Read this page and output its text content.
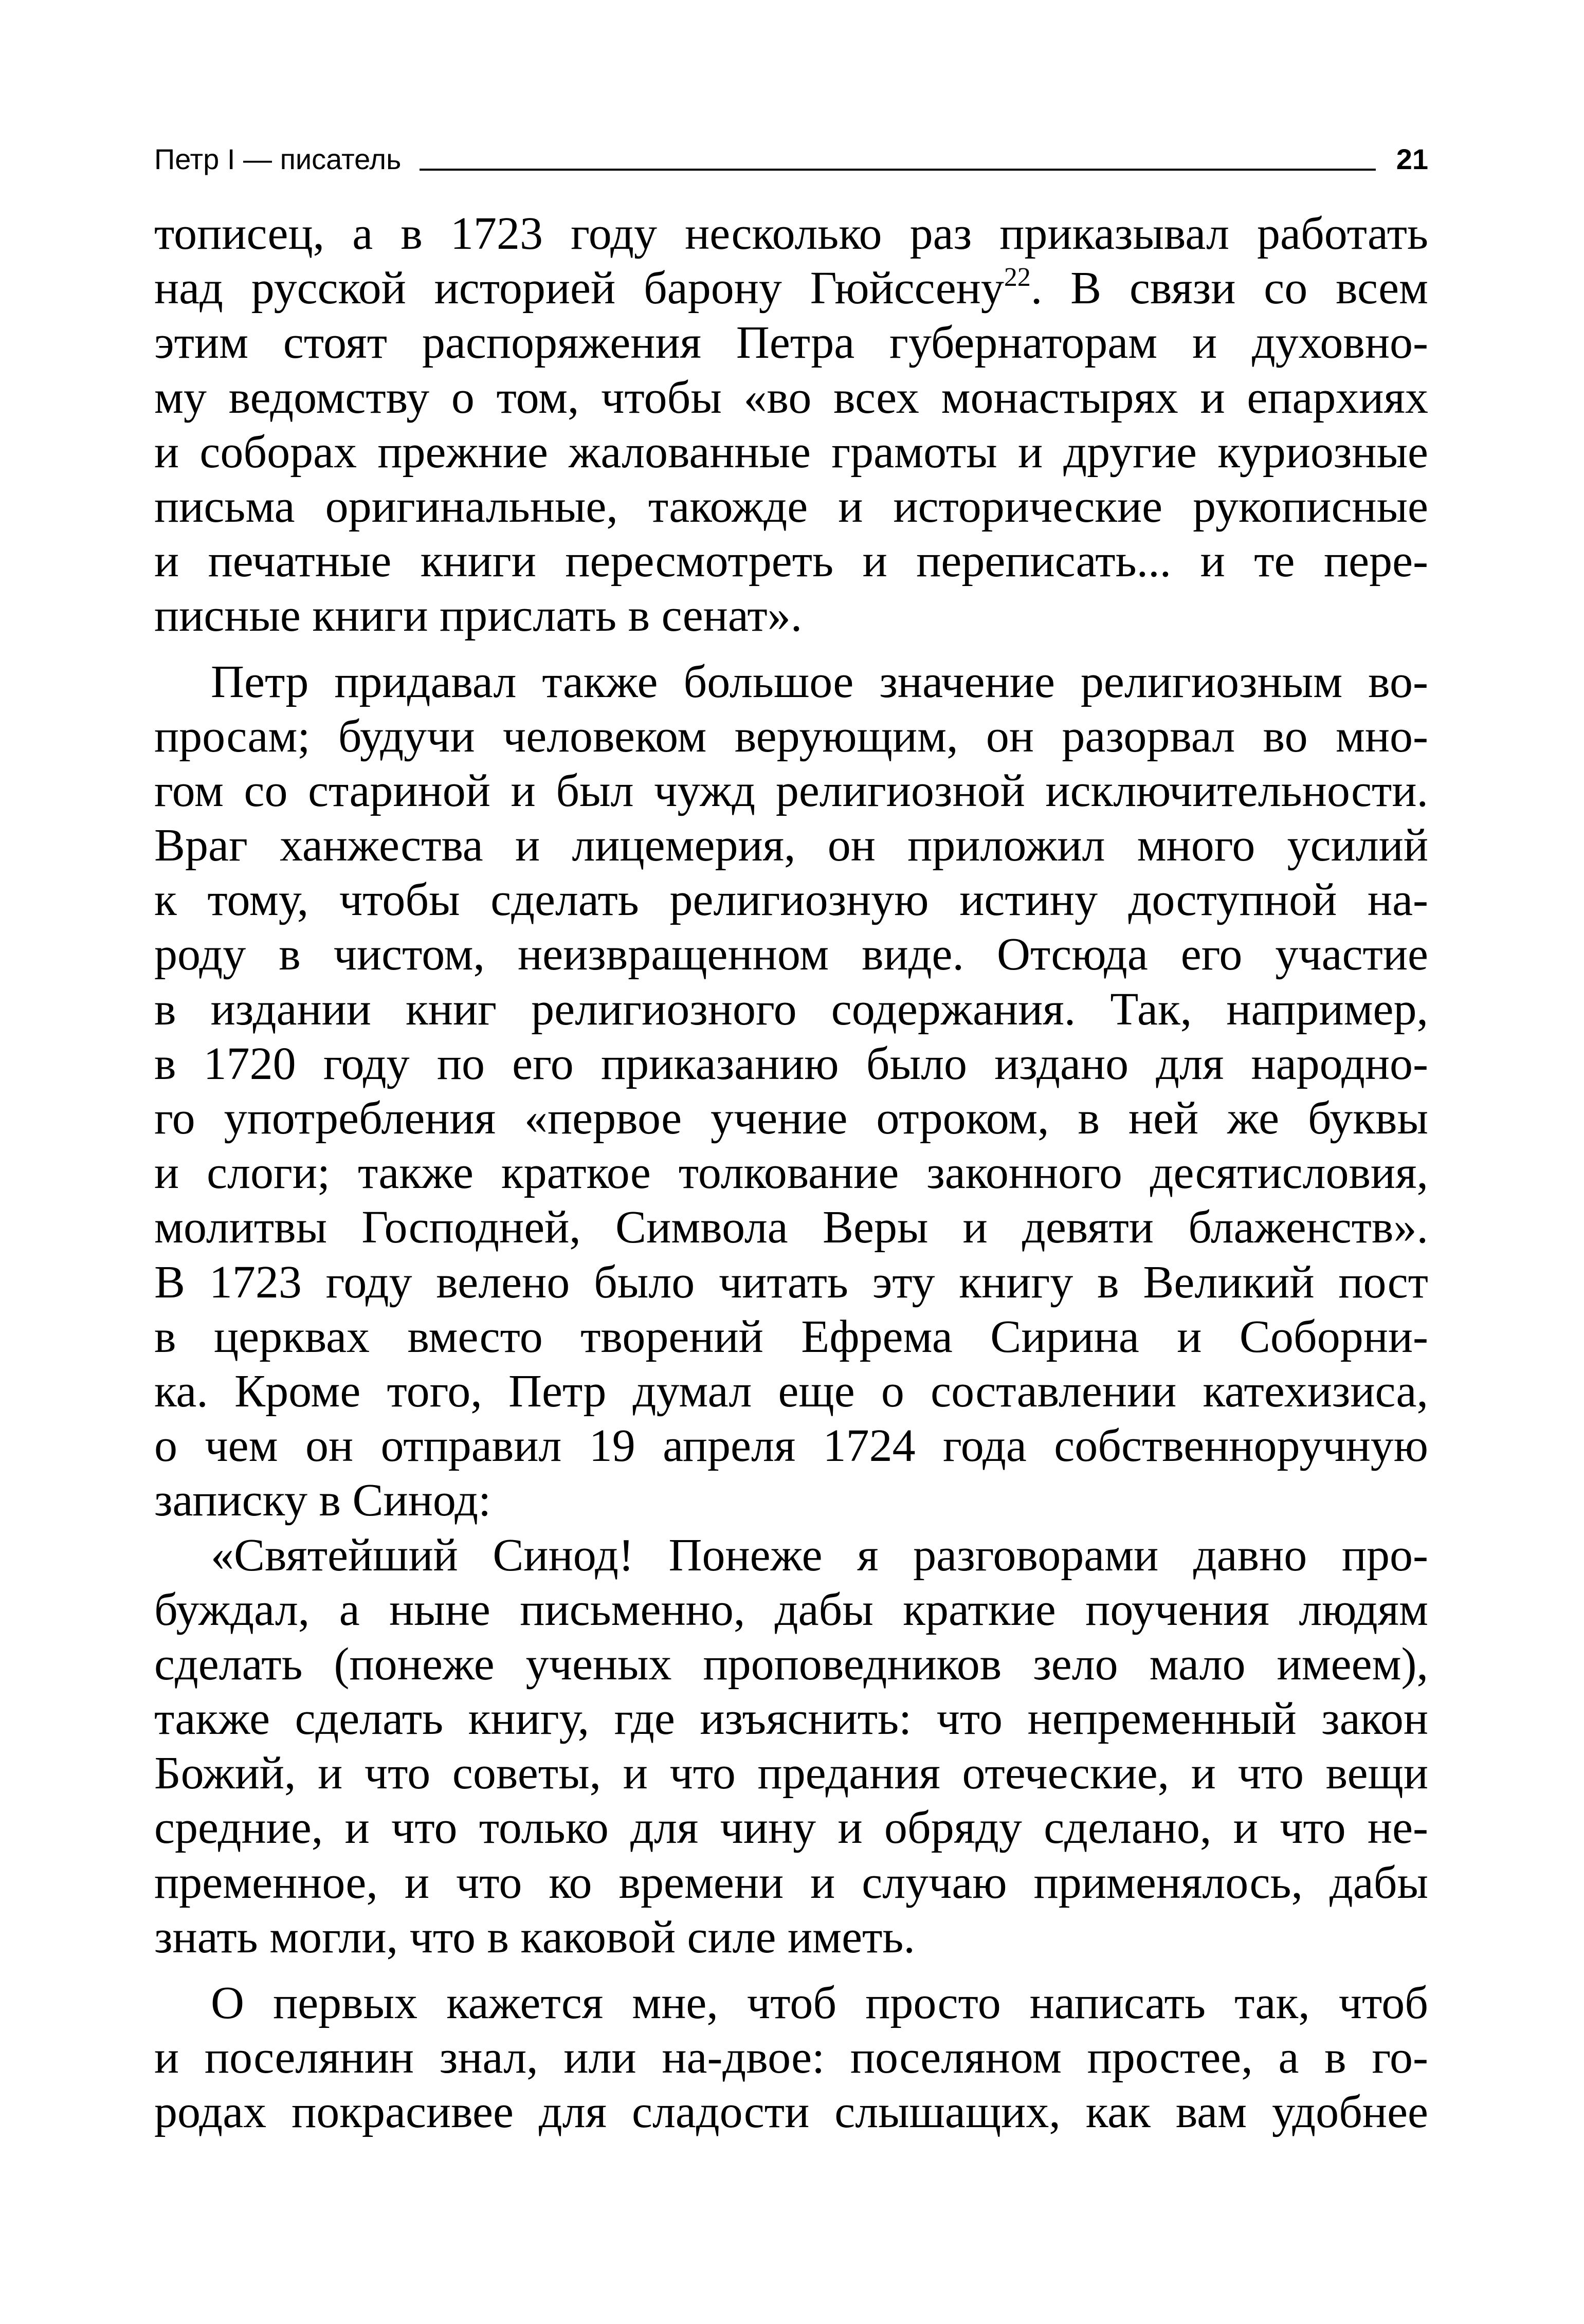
Петр I — писатель	21
тописец, а в 1723 году несколько раз приказывал работать
над русской историей барону Гюйссену$^{22}$. В связи со всем
этим стоят распоряжения Петра губернаторам и духовно-
му ведомству о том, чтобы «во всех монастырях и епархиях
и соборах прежние жалованные грамоты и другие куриозные
письма оригинальные, такожде и исторические рукописные
и печатные книги пересмотреть и переписать... и те пере-
писные книги прислать в сенат».
Петр придавал также большое значение религиозным во-
просам; будучи человеком верующим, он разорвал во мно-
гом со стариной и был чужд религиозной исключительности.
Враг ханжества и лицемерия, он приложил много усилий
к тому, чтобы сделать религиозную истину доступной на-
роду в чистом, неизвращенном виде. Отсюда его участие
в издании книг религиозного содержания. Так, например,
в 1720 году по его приказанию было издано для народно-
го употребления «первое учение отроком, в ней же буквы
и слоги; также краткое толкование законного десятисловия,
молитвы Господней, Символа Веры и девяти блаженств».
В 1723 году велено было читать эту книгу в Великий пост
в церквах вместо творений Ефрема Сирина и Соборни-
ка. Кроме того, Петр думал еще о составлении катехизиса,
о чем он отправил 19 апреля 1724 года собственноручную
записку в Синод:
«Святейший Синод! Понеже я разговорами давно про-
буждал, а ныне письменно, дабы краткие поучения людям
сделать (понеже ученых проповедников зело мало имеем),
также сделать книгу, где изъяснить: что непременный закон
Божий, и что советы, и что предания отеческие, и что вещи
средние, и что только для чину и обряду сделано, и что не-
пременное, и что ко времени и случаю применялось, дабы
знать могли, что в каковой силе иметь.
О первых кажется мне, чтоб просто написать так, чтоб
и поселянин знал, или на-двое: поселяном простее, а в го-
родах покрасивее для сладости слышащих, как вам удобнее
